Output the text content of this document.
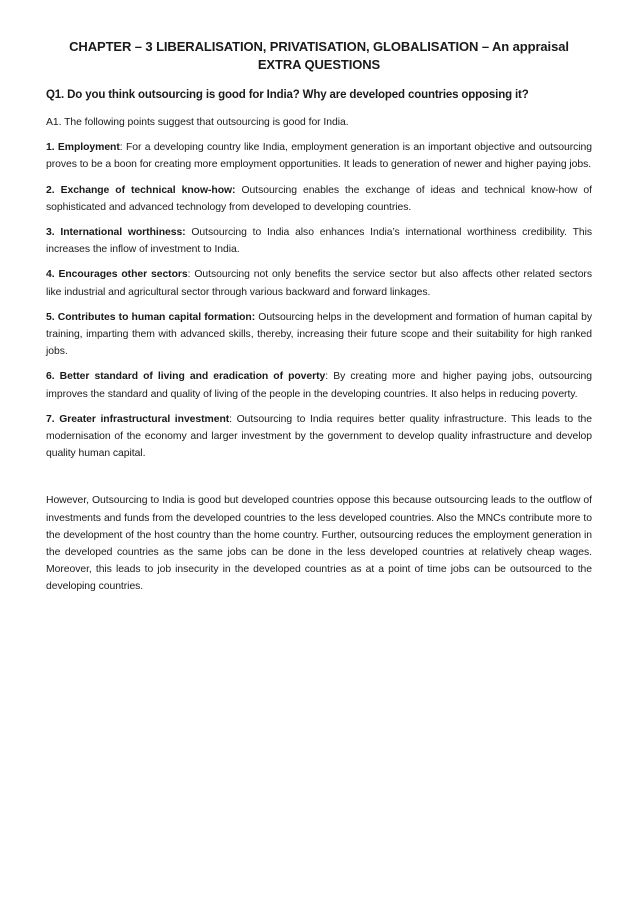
CHAPTER – 3 LIBERALISATION, PRIVATISATION, GLOBALISATION – An appraisal
EXTRA QUESTIONS
Q1. Do you think outsourcing is good for India? Why are developed countries opposing it?
A1. The following points suggest that outsourcing is good for India.
1. Employment: For a developing country like India, employment generation is an important objective and outsourcing proves to be a boon for creating more employment opportunities. It leads to generation of newer and higher paying jobs.
2. Exchange of technical know-how: Outsourcing enables the exchange of ideas and technical know-how of sophisticated and advanced technology from developed to developing countries.
3. International worthiness: Outsourcing to India also enhances India’s international worthiness credibility. This increases the inflow of investment to India.
4. Encourages other sectors: Outsourcing not only benefits the service sector but also affects other related sectors like industrial and agricultural sector through various backward and forward linkages.
5. Contributes to human capital formation: Outsourcing helps in the development and formation of human capital by training, imparting them with advanced skills, thereby, increasing their future scope and their suitability for high ranked jobs.
6. Better standard of living and eradication of poverty: By creating more and higher paying jobs, outsourcing improves the standard and quality of living of the people in the developing countries. It also helps in reducing poverty.
7. Greater infrastructural investment: Outsourcing to India requires better quality infrastructure. This leads to the modernisation of the economy and larger investment by the government to develop quality infrastructure and develop quality human capital.
However, Outsourcing to India is good but developed countries oppose this because outsourcing leads to the outflow of investments and funds from the developed countries to the less developed countries. Also the MNCs contribute more to the development of the host country than the home country. Further, outsourcing reduces the employment generation in the developed countries as the same jobs can be done in the less developed countries at relatively cheap wages. Moreover, this leads to job insecurity in the developed countries as at a point of time jobs can be outsourced to the developing countries.
